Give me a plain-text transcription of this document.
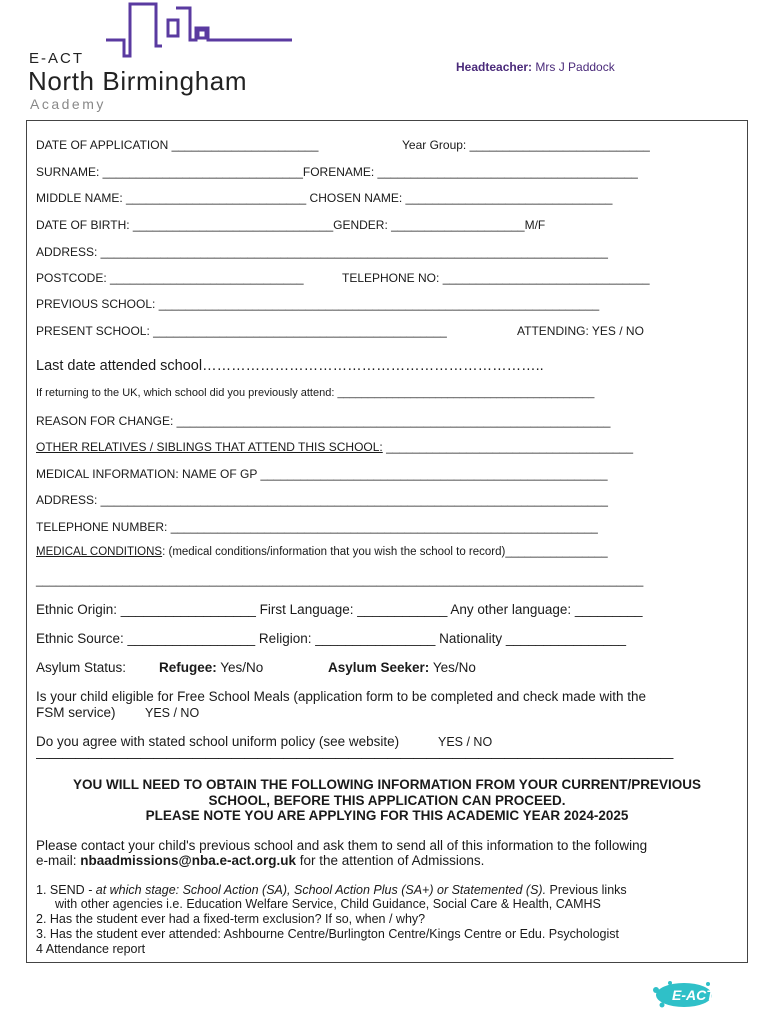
E-ACT
North Birmingham
Academy
Headteacher: Mrs J Paddock
DATE OF APPLICATION ______________________	Year Group: ___________________________
SURNAME: ______________________________FORENAME: _______________________________________
MIDDLE NAME: ___________________________ CHOSEN NAME: _______________________________
DATE OF BIRTH: ______________________________GENDER: ____________________M/F
ADDRESS: ____________________________________________________________________________
POSTCODE: _____________________________	TELEPHONE NO: _______________________________
PREVIOUS SCHOOL: __________________________________________________________________
PRESENT SCHOOL: ____________________________________________	ATTENDING: YES / NO
Last date attended school……………………………………………………………..
If returning to the UK, which school did you previously attend: __________________________________________
REASON FOR CHANGE: _________________________________________________________________
OTHER RELATIVES / SIBLINGS THAT ATTEND THIS SCHOOL: _____________________________________
MEDICAL INFORMATION: NAME OF GP ____________________________________________________
ADDRESS: ____________________________________________________________________________
TELEPHONE NUMBER: ________________________________________________________________
MEDICAL CONDITIONS: (medical conditions/information that you wish the school to record)________________
___________________________________________________________________________________________
Ethnic Origin: __________________ First Language: ____________ Any other language: _________
Ethnic Source: _________________ Religion: ________________ Nationality ________________
Asylum Status: Refugee: Yes/No	Asylum Seeker: Yes/No
Is your child eligible for Free School Meals (application form to be completed and check made with the
FSM service) YES / NO
Do you agree with stated school uniform policy (see website)	YES / NO
—————————————————————————————————————————————————
YOU WILL NEED TO OBTAIN THE FOLLOWING INFORMATION FROM YOUR CURRENT/PREVIOUS
SCHOOL, BEFORE THIS APPLICATION CAN PROCEED.
PLEASE NOTE YOU ARE APPLYING FOR THIS ACADEMIC YEAR 2024-2025
Please contact your child's previous school and ask them to send all of this information to the following
e-mail: nbaadmissions@nba.e-act.org.uk for the attention of Admissions.
1. SEND - at which stage: School Action (SA), School Action Plus (SA+) or Statemented (S). Previous links
with other agencies i.e. Education Welfare Service, Child Guidance, Social Care & Health, CAMHS
2. Has the student ever had a fixed-term exclusion? If so, when / why?
3. Has the student ever attended: Ashbourne Centre/Burlington Centre/Kings Centre or Edu. Psychologist
4 Attendance report
E-ACT
